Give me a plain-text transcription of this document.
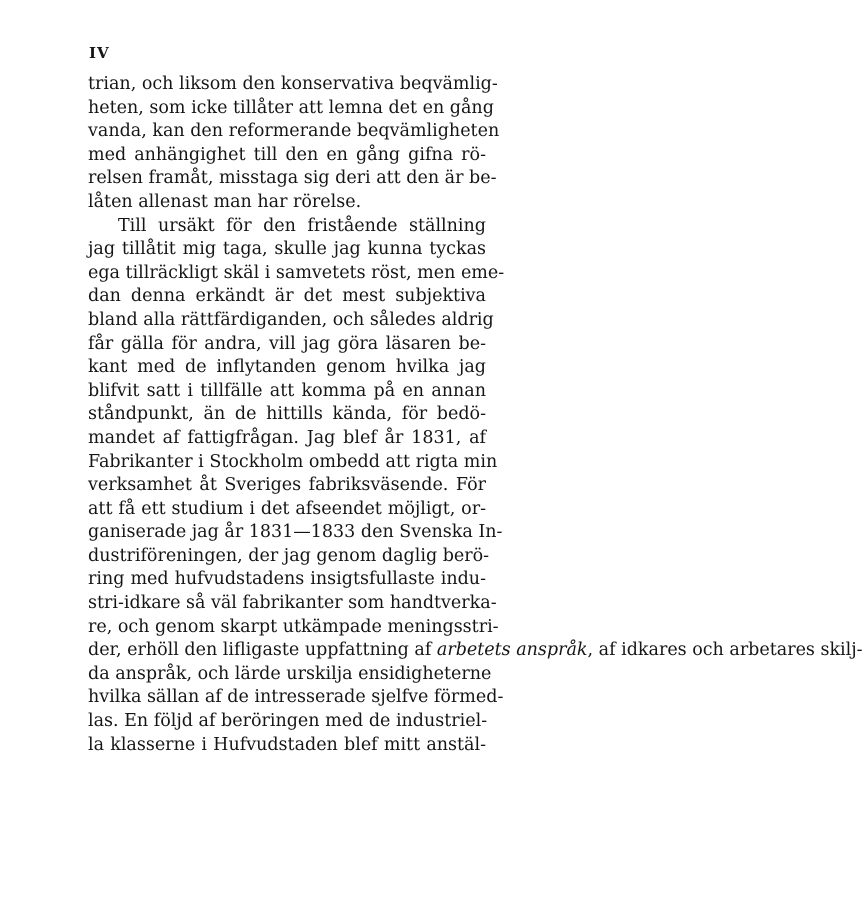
IV
trian, och liksom den konservativa beqvämlig-
heten, som icke tillåter att lemna det en gång
vanda, kan den reformerande beqvämligheten
med anhängighet till den en gång gifna rö-
relsen framåt, misstaga sig deri att den är be-
låten allenast man har rörelse.
Till ursäkt för den fristående ställning
jag tillåtit mig taga, skulle jag kunna tyckas
ega tillräckligt skäl i samvetets röst, men eme-
dan denna erkändt är det mest subjektiva
bland alla rättfärdiganden, och således aldrig
får gälla för andra, vill jag göra läsaren be-
kant med de inflytanden genom hvilka jag
blifvit satt i tillfälle att komma på en annan
ståndpunkt, än de hittills kända, för bedö-
mandet af fattigfrågan. Jag blef år 1831, af
Fabrikanter i Stockholm ombedd att rigta min
verksamhet åt Sveriges fabriksväsende. För
att få ett studium i det afseendet möjligt, or-
ganiserade jag år 1831—1833 den Svenska In-
dustriföreningen, der jag genom daglig berö-
ring med hufvudstadens insigtsfullaste indu-
stri-idkare så väl fabrikanter som handtverka-
re, och genom skarpt utkämpade meningsstri-
der, erhöll den lifligaste uppfattning af arbetets anspråk, af idkares och arbetares skilj-
da anspråk, och lärde urskilja ensidigheterne
hvilka sällan af de intresserade sjelfve förmed-
las. En följd af beröringen med de industriel-
la klasserne i Hufvudstaden blef mitt anstäl-
